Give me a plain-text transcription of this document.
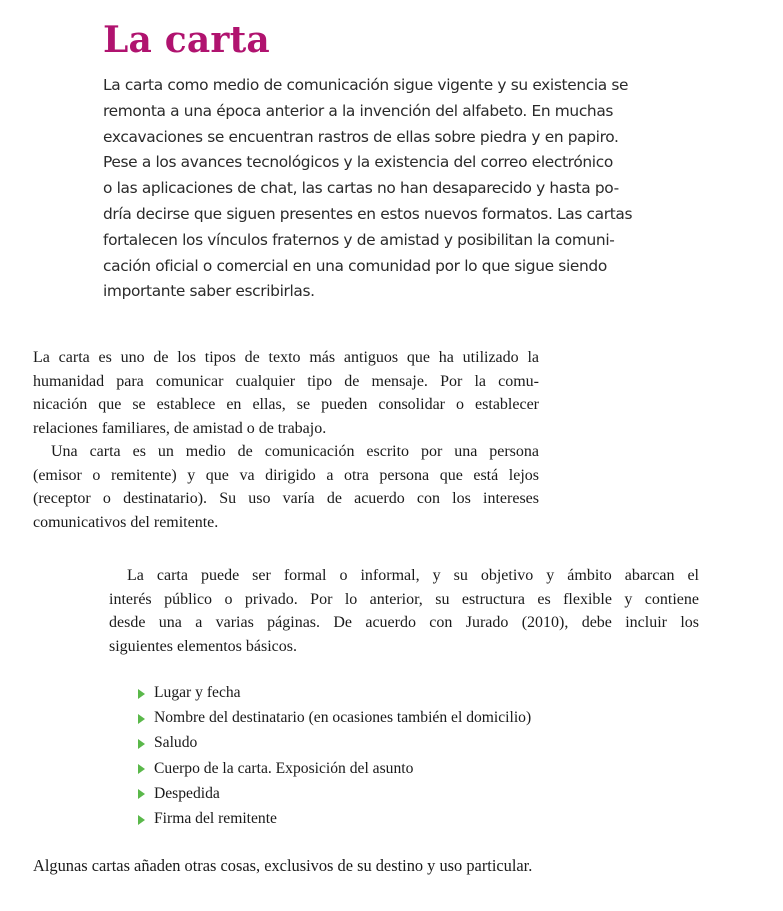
La carta

La carta como medio de comunicación sigue vigente y su existencia se
remonta a una época anterior a la invención del alfabeto. En muchas
excavaciones se encuentran rastros de ellas sobre piedra y en papiro.
Pese a los avances tecnológicos y la existencia del correo electrónico
o las aplicaciones de chat, las cartas no han desaparecido y hasta po-
dría decirse que siguen presentes en estos nuevos formatos. Las cartas
fortalecen los vínculos fraternos y de amistad y posibilitan la comuni-
cación oficial o comercial en una comunidad por lo que sigue siendo
importante saber escribirlas.

La carta es uno de los tipos de texto más antiguos que ha utilizado la
humanidad para comunicar cualquier tipo de mensaje. Por la comu-
nicación que se establece en ellas, se pueden consolidar o establecer
relaciones familiares, de amistad o de trabajo.
Una carta es un medio de comunicación escrito por una persona
(emisor o remitente) y que va dirigido a otra persona que está lejos
(receptor o destinatario). Su uso varía de acuerdo con los intereses
comunicativos del remitente.
La carta puede ser formal o informal, y su objetivo y ámbito abarcan el
interés público o privado. Por lo anterior, su estructura es flexible y contiene
desde una a varias páginas. De acuerdo con Jurado (2010), debe incluir los
siguientes elementos básicos.
Lugar y fecha
Nombre del destinatario (en ocasiones también el domicilio)
Saludo
Cuerpo de la carta. Exposición del asunto
Despedida
Firma del remitente

Algunas cartas añaden otras cosas, exclusivos de su destino y uso particular.
